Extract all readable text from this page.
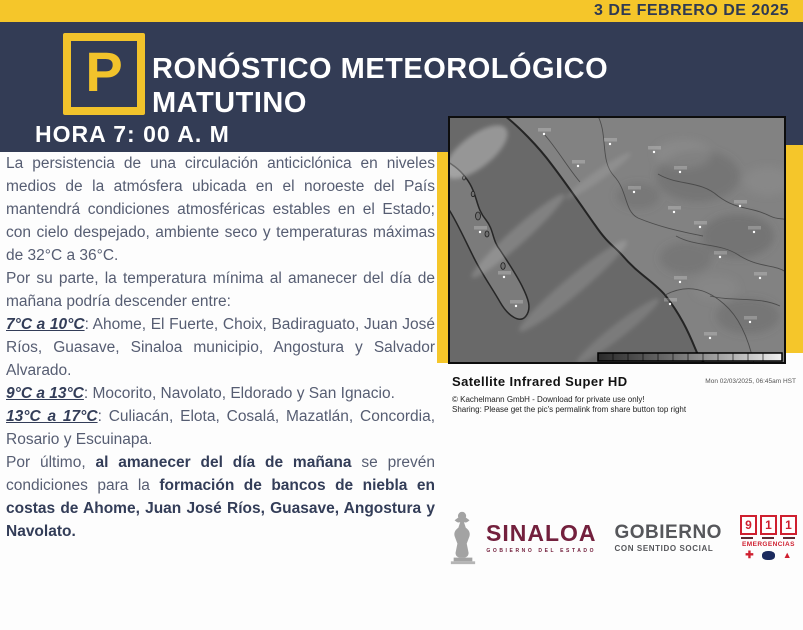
3 DE FEBRERO DE 2025
P RONÓSTICO METEOROLÓGICO
MATUTINO
HORA 7: 00 A. M

La persistencia de una circulación anticiclónica en niveles medios de la atmósfera ubicada en el noroeste del País mantendrá condiciones atmosféricas estables en el Estado; con cielo despejado, ambiente seco y temperaturas máximas de 32°C a 36°C.

Por su parte, la temperatura mínima al amanecer del día de mañana podría descender entre:

7°C a 10°C: Ahome, El Fuerte, Choix, Badiraguato, Juan José Ríos, Guasave, Sinaloa municipio, Angostura y Salvador Alvarado.

9°C a 13°C: Mocorito, Navolato, Eldorado y San Ignacio.

13°C a 17°C: Culiacán, Elota, Cosalá, Mazatlán, Concordia, Rosario y Escuinapa.

Por último, al amanecer del día de mañana se prevén condiciones para la formación de bancos de niebla en costas de Ahome, Juan José Ríos, Guasave, Angostura y Navolato.

Satellite Infrared Super HD	Mon 02/03/2025, 06:45am HST
© Kachelmann GmbH - Download for private use only!
Sharing: Please get the pic's permalink from share button top right
SINALOA
GOBIERNO DEL ESTADO
GOBIERNO
CON SENTIDO SOCIAL
9	1	1
EMERGENCIAS
✚	▲
